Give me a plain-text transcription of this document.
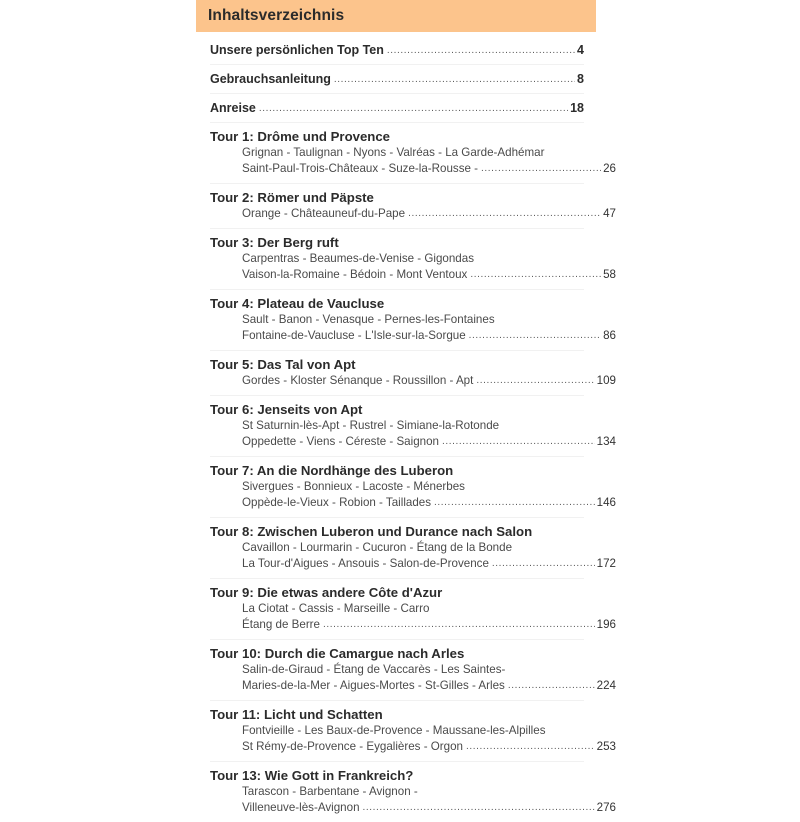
Inhaltsverzeichnis
Unsere persönlichen Top Ten .....	4
Gebrauchsanleitung .....	8
Anreise .....	18
Tour 1: Drôme und Provence
Grignan - Taulignan - Nyons - Valréas - La Garde-Adhémar
Saint-Paul-Trois-Châteaux - Suze-la-Rousse - .....	26
Tour 2: Römer und Päpste
Orange - Châteauneuf-du-Pape .....	47
Tour 3: Der Berg ruft
Carpentras - Beaumes-de-Venise - Gigondas
Vaison-la-Romaine - Bédoin - Mont Ventoux .....	58
Tour 4: Plateau de Vaucluse
Sault - Banon - Venasque - Pernes-les-Fontaines
Fontaine-de-Vaucluse - L'Isle-sur-la-Sorgue .....	86
Tour 5: Das Tal von Apt
Gordes - Kloster Sénanque - Roussillon - Apt .....	109
Tour 6: Jenseits von Apt
St Saturnin-lès-Apt - Rustrel - Simiane-la-Rotonde
Oppedette - Viens - Céreste - Saignon .....	134
Tour 7: An die Nordhänge des Luberon
Sivergues - Bonnieux - Lacoste - Ménerbes
Oppède-le-Vieux - Robion - Taillades .....	146
Tour 8: Zwischen Luberon und Durance nach Salon
Cavaillon - Lourmarin - Cucuron - Étang de la Bonde
La Tour-d'Aigues - Ansouis - Salon-de-Provence .....	172
Tour 9: Die etwas andere Côte d'Azur
La Ciotat - Cassis - Marseille - Carro
Étang de Berre .....	196
Tour 10: Durch die Camargue nach Arles
Salin-de-Giraud - Étang de Vaccarès - Les Saintes-
Maries-de-la-Mer - Aigues-Mortes - St-Gilles - Arles .....	224
Tour 11: Licht und Schatten
Fontvieille - Les Baux-de-Provence - Maussane-les-Alpilles
St Rémy-de-Provence - Eygalières - Orgon .....	253
Tour 13: Wie Gott in Frankreich?
Tarascon - Barbentane - Avignon -
Villeneuve-lès-Avignon .....	276
